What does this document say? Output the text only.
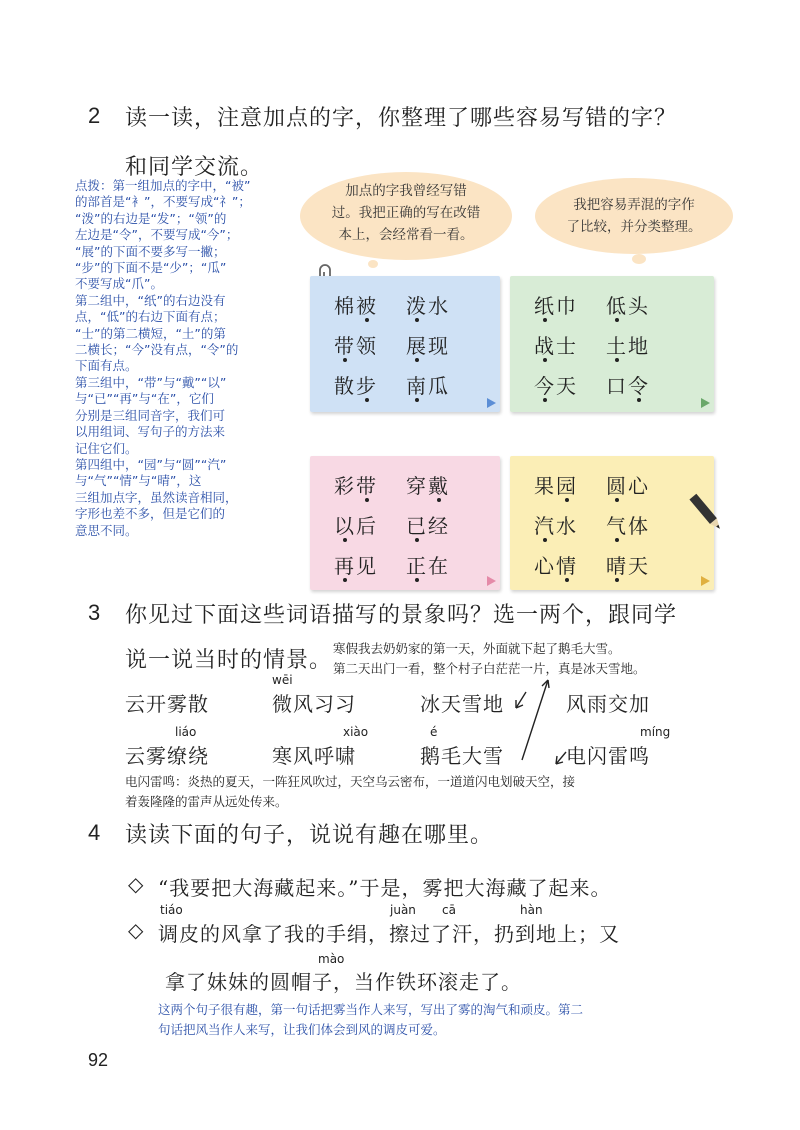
2 读一读，注意加点的字，你整理了哪些容易写错的字？
和同学交流。
点拨：第一组加点的字中，“被”
的部首是“衤”，不要写成“礻”；
“泼”的右边是“发”；“领”的
左边是“令”，不要写成“今”；
“展”的下面不要多写一撇；
“步”的下面不是“少”；“瓜”
不要写成“爪”。
第二组中，“纸”的右边没有
点，“低”的右边下面有点；
“士”的第二横短，“土”的第
二横长；“今”没有点，“令”的
下面有点。
第三组中，“带”与“戴”“以”
与“已”“再”与“在”，它们
分别是三组同音字，我们可
以用组词、写句子的方法来
记住它们。
第四组中，“园”与“圆”“汽”
与“气”“情”与“晴”，这
三组加点字，虽然读音相同，
字形也差不多，但是它们的
意思不同。
加点的字我曾经写错
过。我把正确的写在改错
本上，会经常看一看。
我把容易弄混的字作
了比较，并分类整理。
棉被 泼水
带领 展现
散步 南瓜
纸巾 低头
战士 土地
今天 口令
彩带 穿戴
以后 已经
再见 正在
果园 圆心
汽水 气体
心情 晴天
3 你见过下面这些词语描写的景象吗？选一两个，跟同学
说一说当时的情景。 寒假我去奶奶家的第一天，外面就下起了鹅毛大雪。
第二天出门一看，整个村子白茫茫一片，真是冰天雪地。
wēi
云开雾散	微风习习	冰天雪地	风雨交加
liáo	xiào	é	míng
云雾缭绕	寒风呼啸	鹅毛大雪	电闪雷鸣
电闪雷鸣：炎热的夏天，一阵狂风吹过，天空乌云密布，一道道闪电划破天空，接
着轰隆隆的雷声从远处传来。
4 读读下面的句子，说说有趣在哪里。
◇ “我要把大海藏起来。”于是，雾把大海藏了起来。
tiáo	juàn cā	hàn
◇ 调皮的风拿了我的手绢，擦过了汗，扔到地上；又
mào
拿了妹妹的圆帽子，当作铁环滚走了。
这两个句子很有趣，第一句话把雾当作人来写，写出了雾的淘气和顽皮。第二
句话把风当作人来写，让我们体会到风的调皮可爱。
92
